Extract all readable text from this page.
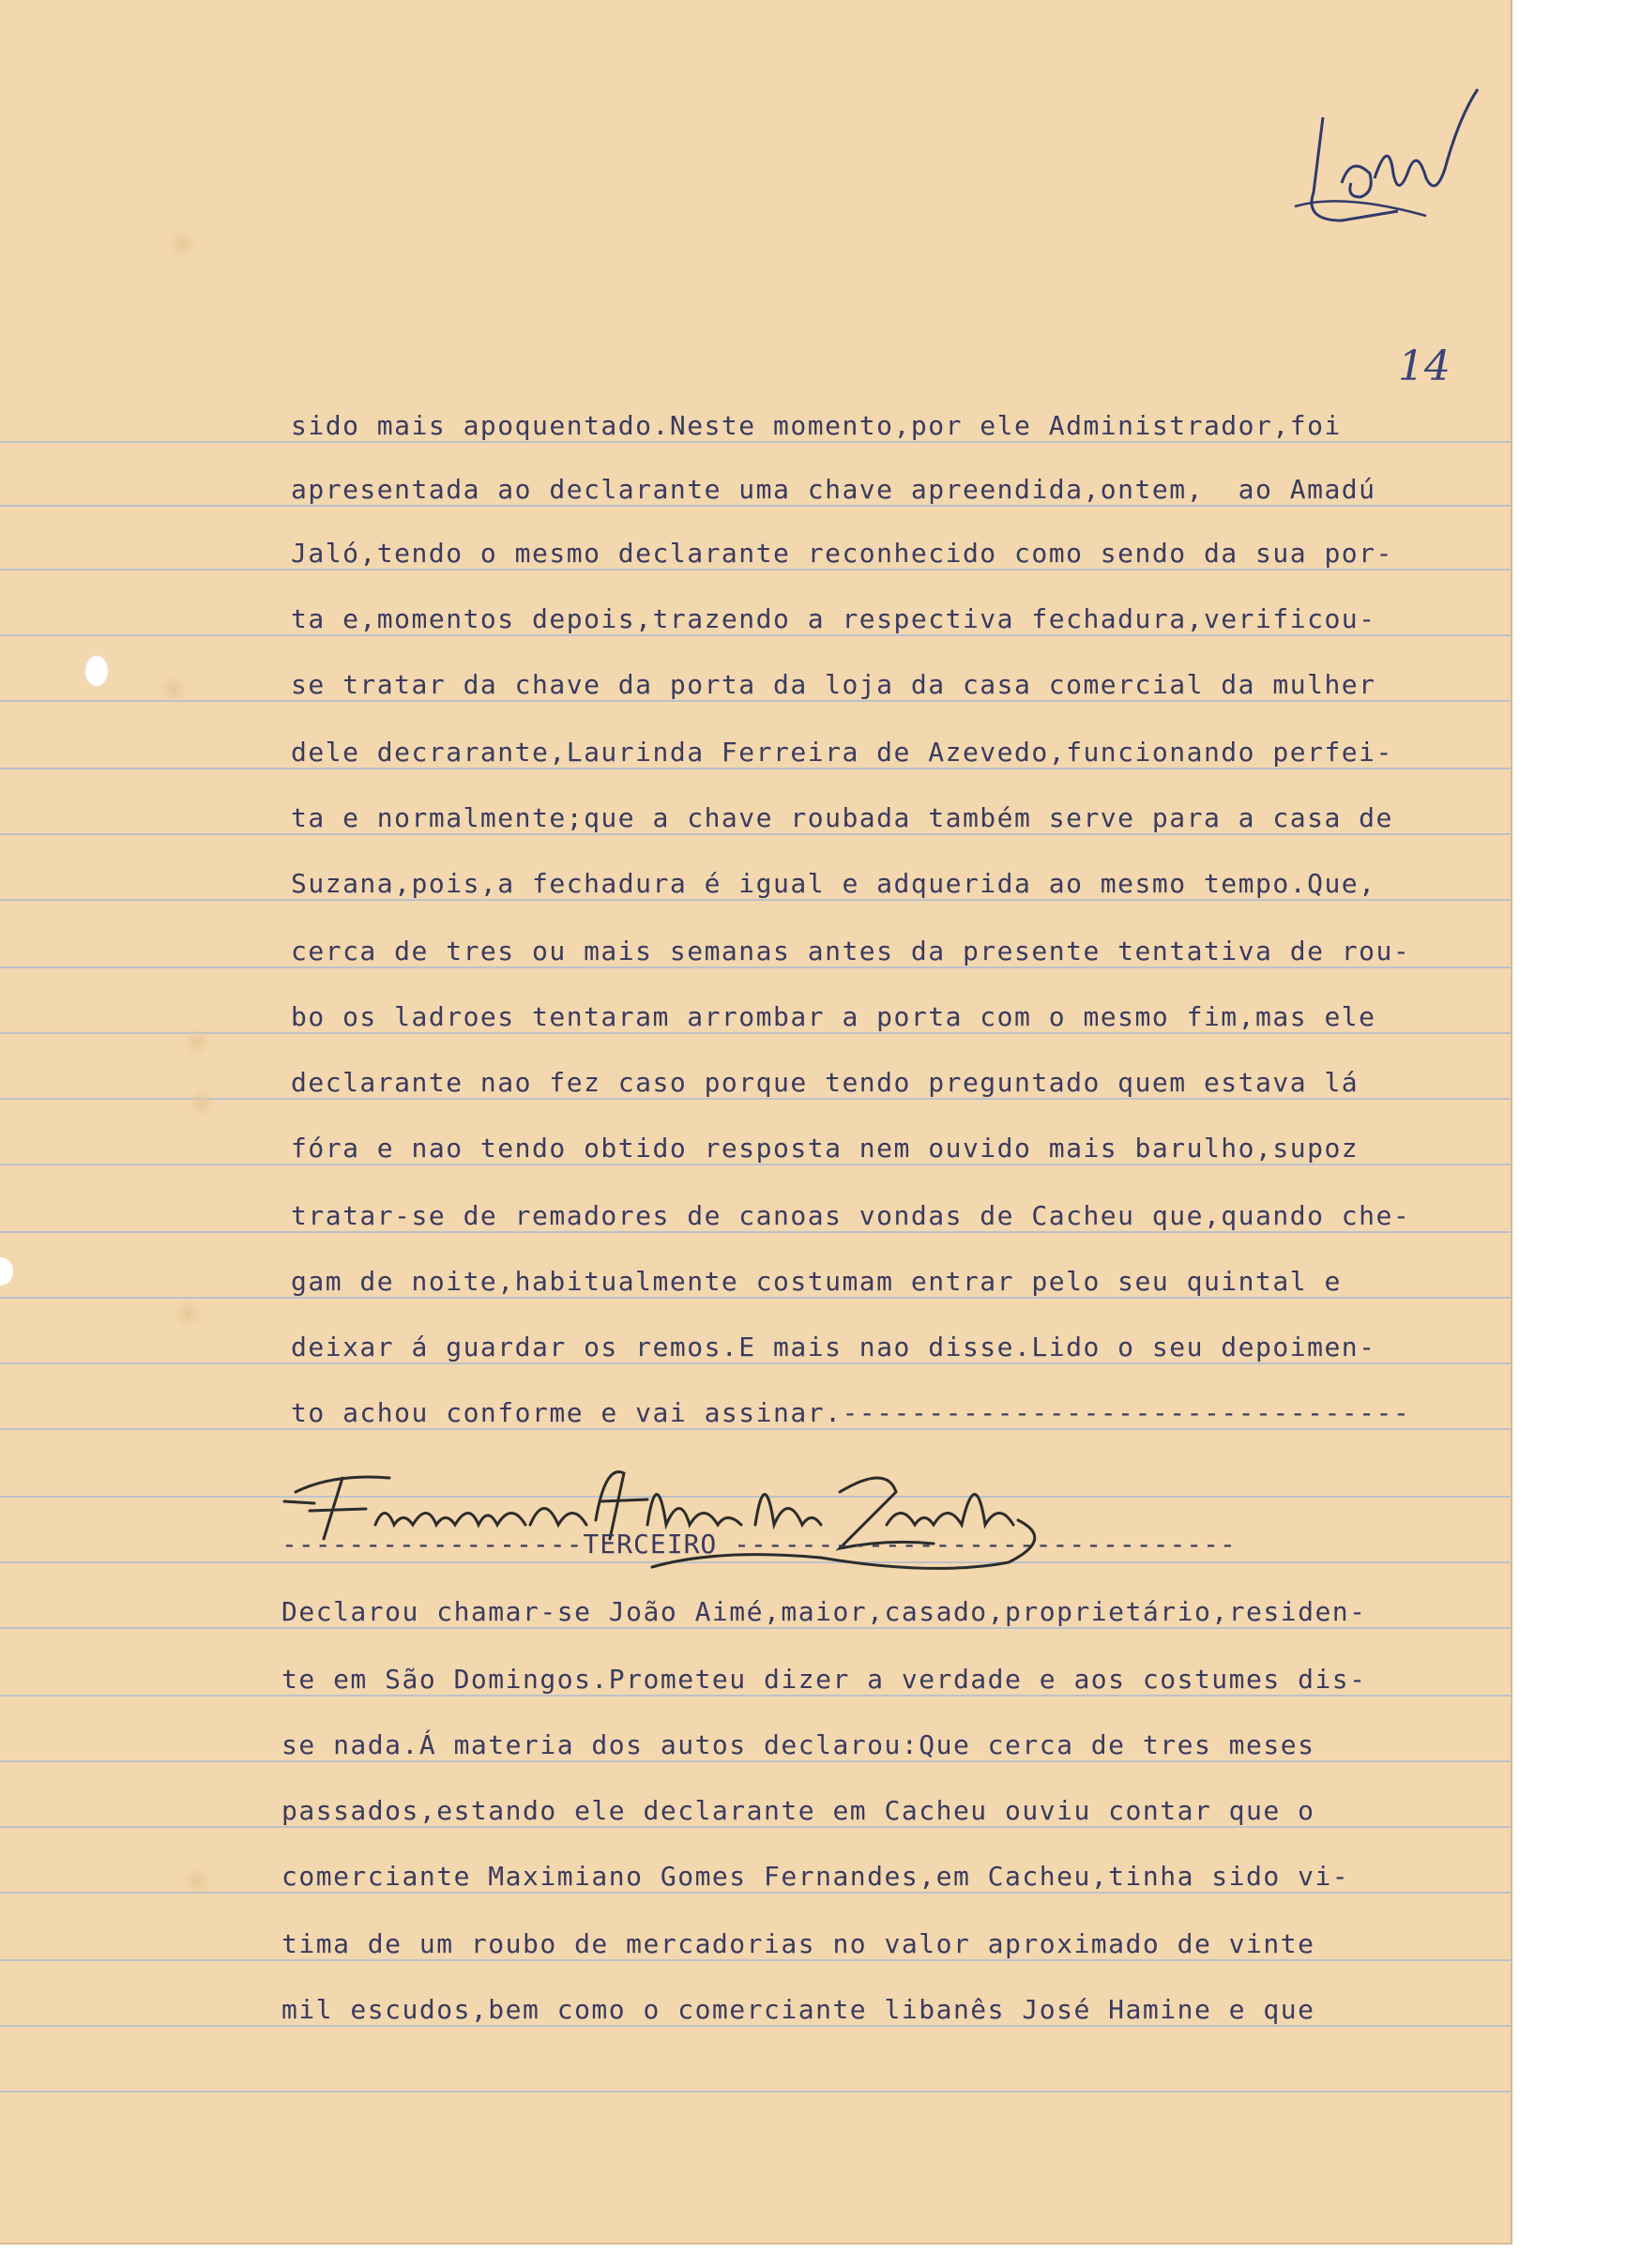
14
sido mais apoquentado.Neste momento,por ele Administrador,foi
apresentada ao declarante uma chave apreendida,ontem,  ao Amadú
Jaló,tendo o mesmo declarante reconhecido como sendo da sua por-
ta e,momentos depois,trazendo a respectiva fechadura,verificou-
se tratar da chave da porta da loja da casa comercial da mulher
dele decrarante,Laurinda Ferreira de Azevedo,funcionando perfei-
ta e normalmente;que a chave roubada também serve para a casa de
Suzana,pois,a fechadura é igual e adquerida ao mesmo tempo.Que,
cerca de tres ou mais semanas antes da presente tentativa de rou-
bo os ladroes tentaram arrombar a porta com o mesmo fim,mas ele
declarante nao fez caso porque tendo preguntado quem estava lá
fóra e nao tendo obtido resposta nem ouvido mais barulho,supoz
tratar-se de remadores de canoas vondas de Cacheu que,quando che-
gam de noite,habitualmente costumam entrar pelo seu quintal e
deixar á guardar os remos.E mais nao disse.Lido o seu depoimen-
to achou conforme e vai assinar.---------------------------------
------------------TERCEIRO ------------------------------
Declarou chamar-se João Aimé,maior,casado,proprietário,residen-
te em São Domingos.Prometeu dizer a verdade e aos costumes dis-
se nada.Á materia dos autos declarou:Que cerca de tres meses
passados,estando ele declarante em Cacheu ouviu contar que o
comerciante Maximiano Gomes Fernandes,em Cacheu,tinha sido vi-
tima de um roubo de mercadorias no valor aproximado de vinte
mil escudos,bem como o comerciante libanês José Hamine e que
